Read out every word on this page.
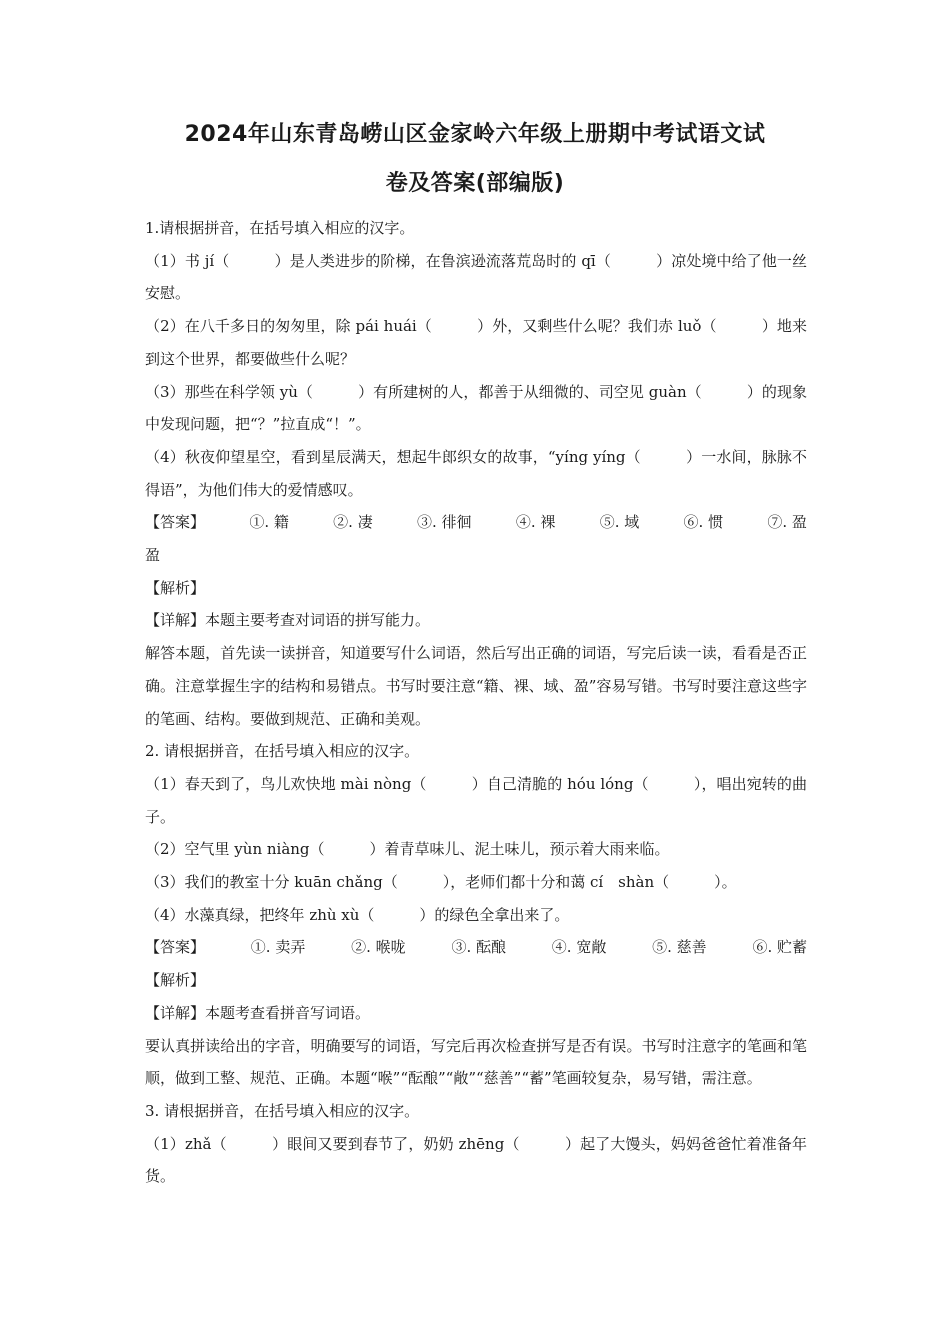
2024年山东青岛崂山区金家岭六年级上册期中考试语文试
卷及答案(部编版)

1.请根据拼音，在括号填入相应的汉字。

（1）书 jí（　　　）是人类进步的阶梯，在鲁滨逊流落荒岛时的 qī（　　　）凉处境中给了他一丝安慰。

（2）在八千多日的匆匆里，除 pái huái（　　　）外，又剩些什么呢？我们赤 luǒ（　　　）地来到这个世界，都要做些什么呢？

（3）那些在科学领 yù（　　　）有所建树的人，都善于从细微的、司空见 guàn（　　　）的现象中发现问题，把“？”拉直成“！”。

（4）秋夜仰望星空，看到星辰满天，想起牛郎织女的故事，“yíng yíng（　　　）一水间，脉脉不得语”，为他们伟大的爱情感叹。

【答案】	①. 籍	②. 凄	③. 徘徊	④. 裸	⑤. 域	⑥. 惯	⑦. 盈

盈

【解析】

【详解】本题主要考查对词语的拼写能力。

解答本题，首先读一读拼音，知道要写什么词语，然后写出正确的词语，写完后读一读，看看是否正确。注意掌握生字的结构和易错点。书写时要注意“籍、裸、域、盈”容易写错。书写时要注意这些字的笔画、结构。要做到规范、正确和美观。

2. 请根据拼音，在括号填入相应的汉字。

（1）春天到了，鸟儿欢快地 mài nòng（　　　）自己清脆的 hóu lóng（　　　），唱出宛转的曲子。

（2）空气里 yùn niàng（　　　）着青草味儿、泥土味儿，预示着大雨来临。

（3）我们的教室十分 kuān chǎng（　　　），老师们都十分和蔼 cí　shàn（　　　）。

（4）水藻真绿，把终年 zhù xù（　　　）的绿色全拿出来了。

【答案】	①. 卖弄	②. 喉咙	③. 酝酿	④. 宽敞	⑤. 慈善	⑥. 贮蓄

【解析】

【详解】本题考查看拼音写词语。

要认真拼读给出的字音，明确要写的词语，写完后再次检查拼写是否有误。书写时注意字的笔画和笔顺，做到工整、规范、正确。本题“喉”“酝酿”“敞”“慈善”“蓄”笔画较复杂，易写错，需注意。

3. 请根据拼音，在括号填入相应的汉字。

（1）zhǎ（　　　）眼间又要到春节了，奶奶 zhēng（　　　）起了大馒头，妈妈爸爸忙着准备年货。
